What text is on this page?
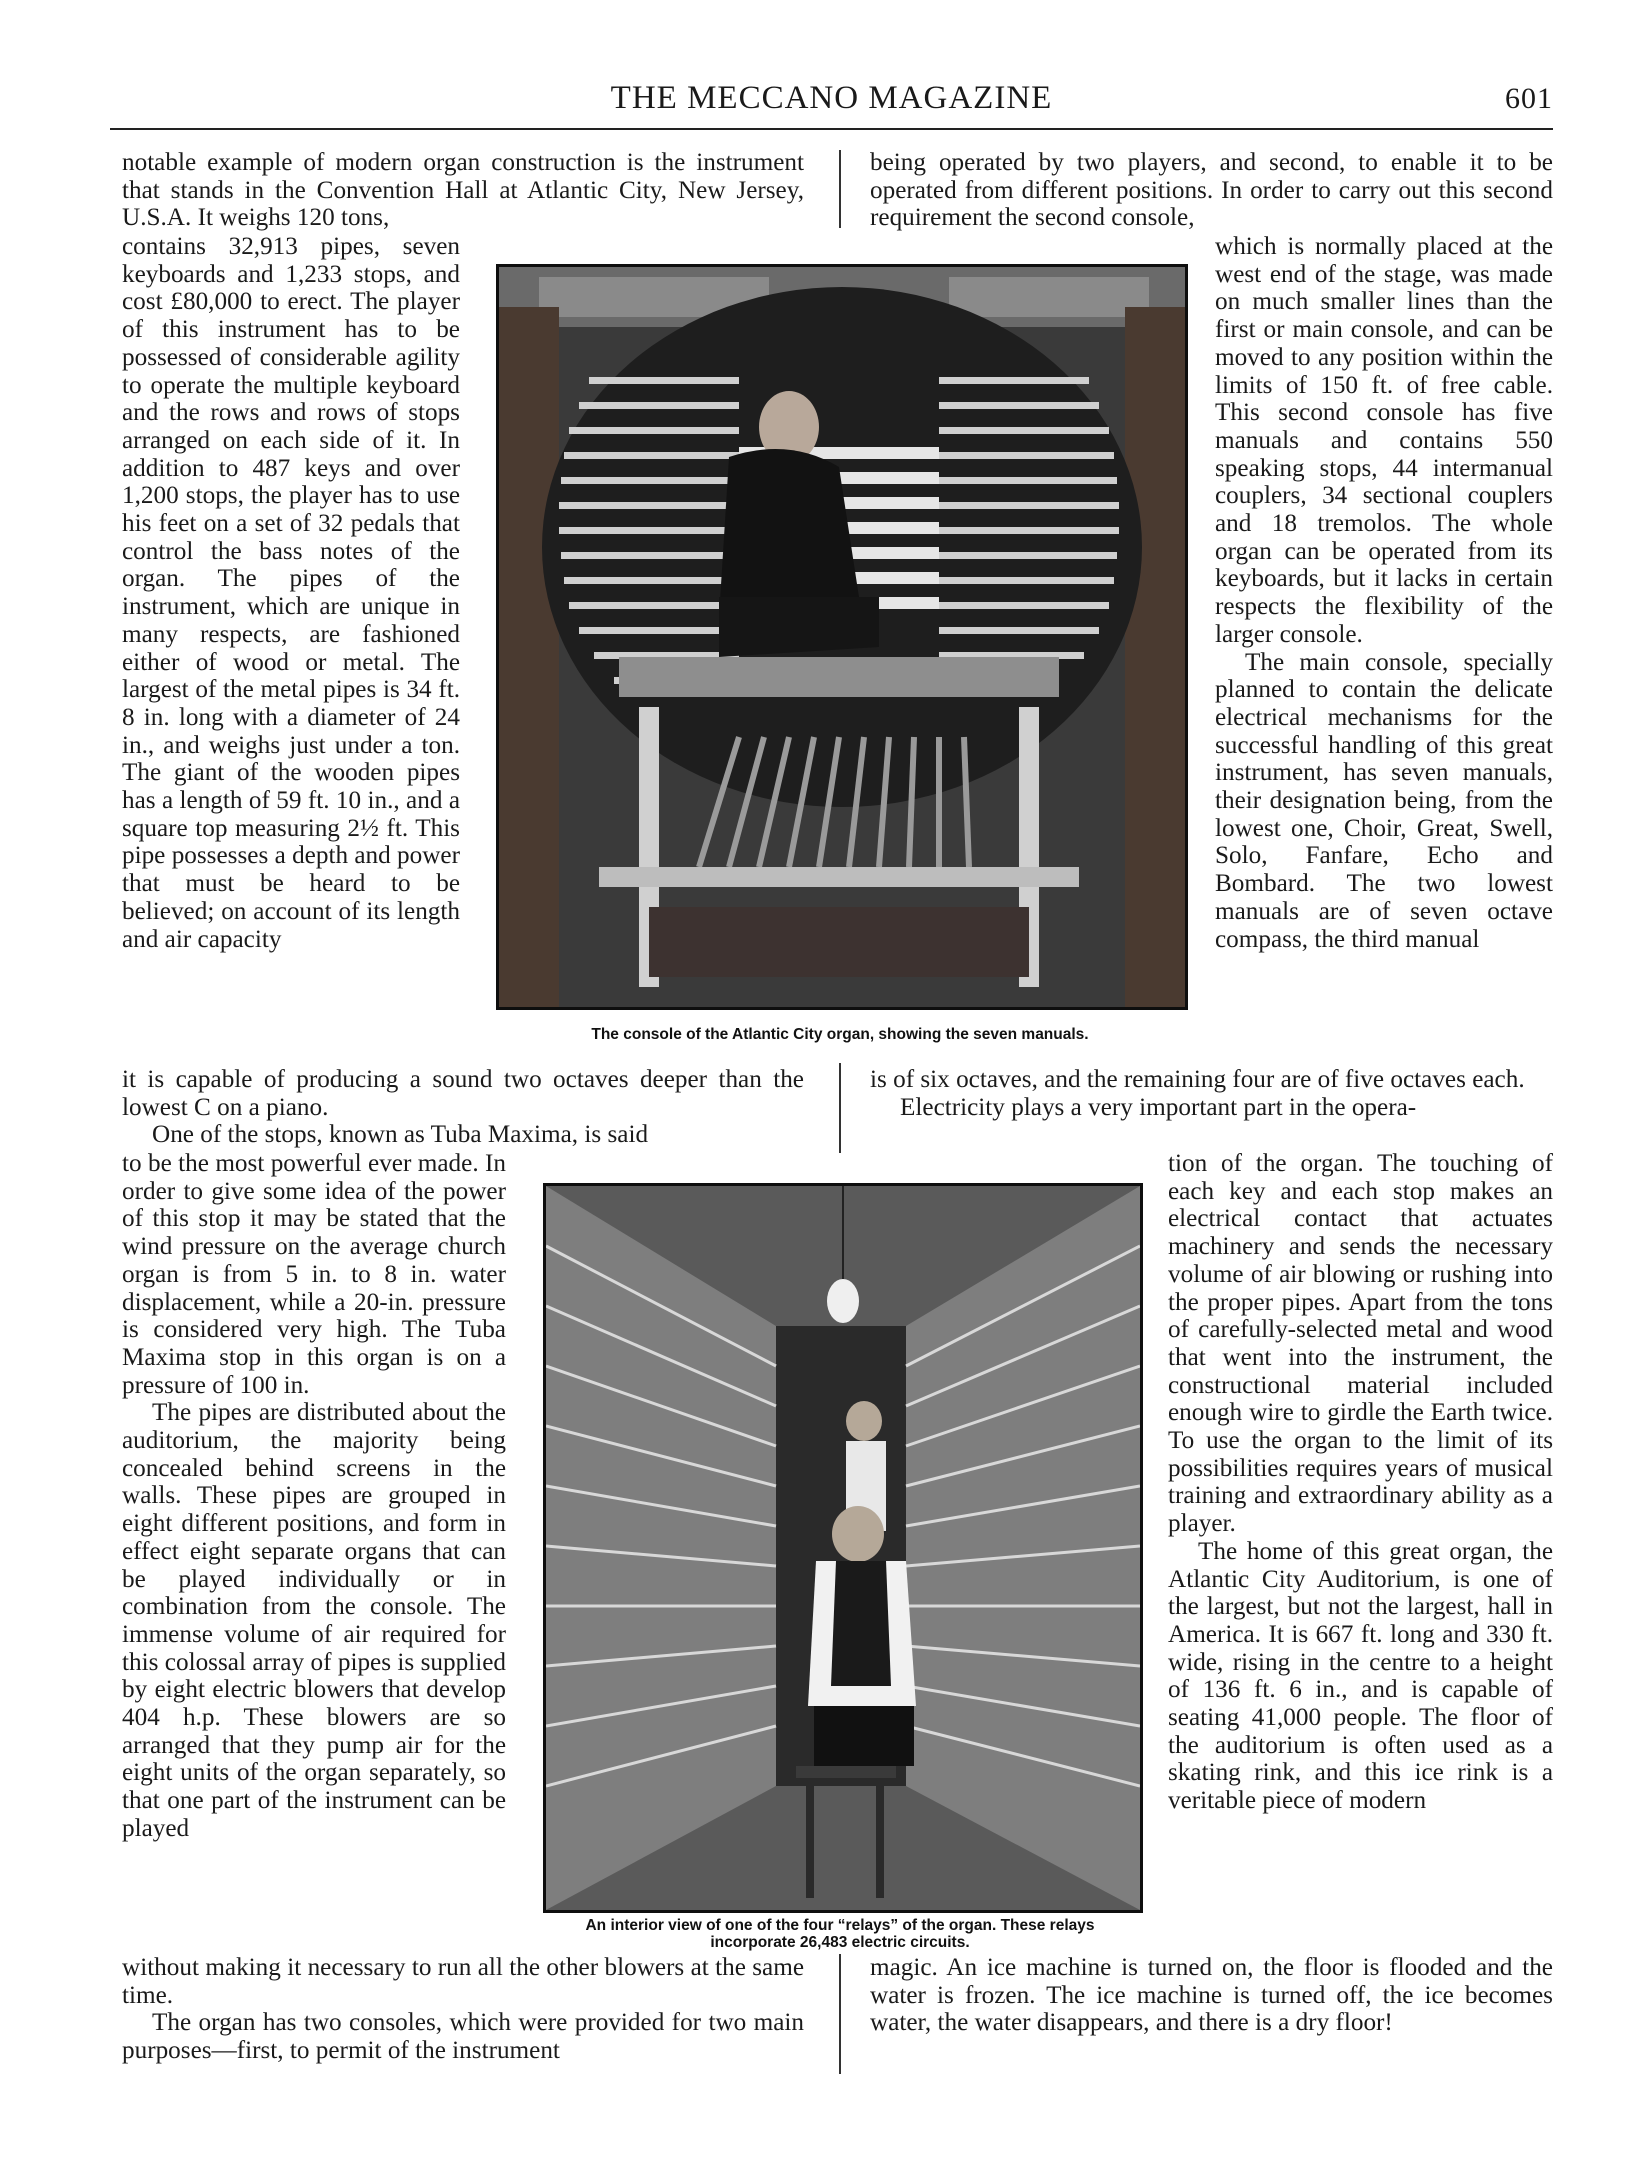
THE MECCANO MAGAZINE	601

notable example of modern organ construction is the instrument that stands in the Convention Hall at Atlantic City, New Jersey, U.S.A. It weighs 120 tons,

contains 32,913 pipes, seven keyboards and 1,233 stops, and cost £80,000 to erect. The player of this instrument has to be possessed of considerable agility to operate the multiple keyboard and the rows and rows of stops arranged on each side of it. In addition to 487 keys and over 1,200 stops, the player has to use his feet on a set of 32 pedals that control the bass notes of the organ. The pipes of the instrument, which are unique in many respects, are fashioned either of wood or metal. The largest of the metal pipes is 34 ft. 8 in. long with a diameter of 24 in., and weighs just under a ton. The giant of the wooden pipes has a length of 59 ft. 10 in., and a square top measuring 2½ ft. This pipe possesses a depth and power that must be heard to be believed; on account of its length and air capacity

it is capable of producing a sound two octaves deeper than the lowest C on a piano.

One of the stops, known as Tuba Maxima, is said

to be the most powerful ever made. In order to give some idea of the power of this stop it may be stated that the wind pressure on the average church organ is from 5 in. to 8 in. water displacement, while a 20-in. pressure is considered very high. The Tuba Maxima stop in this organ is on a pressure of 100 in.

The pipes are distributed about the auditorium, the majority being concealed behind screens in the walls. These pipes are grouped in eight different positions, and form in effect eight separate organs that can be played individually or in combination from the console. The immense volume of air required for this colossal array of pipes is supplied by eight electric blowers that develop 404 h.p. These blowers are so arranged that they pump air for the eight units of the organ separately, so that one part of the instrument can be played

without making it necessary to run all the other blowers at the same time.

The organ has two consoles, which were provided for two main purposes—first, to permit of the instrument

being operated by two players, and second, to enable it to be operated from different positions. In order to carry out this second requirement the second console,

which is normally placed at the west end of the stage, was made on much smaller lines than the first or main console, and can be moved to any position within the limits of 150 ft. of free cable. This second console has five manuals and contains 550 speaking stops, 44 intermanual couplers, 34 sectional couplers and 18 tremolos. The whole organ can be operated from its keyboards, but it lacks in certain respects the flexibility of the larger console.

The main console, specially planned to contain the delicate electrical mechanisms for the successful handling of this great instrument, has seven manuals, their designation being, from the lowest one, Choir, Great, Swell, Solo, Fanfare, Echo and Bombard. The two lowest manuals are of seven octave compass, the third manual

is of six octaves, and the remaining four are of five octaves each.

Electricity plays a very important part in the opera-

tion of the organ. The touching of each key and each stop makes an electrical contact that actuates machinery and sends the necessary volume of air blowing or rushing into the proper pipes. Apart from the tons of carefully-selected metal and wood that went into the instrument, the constructional material included enough wire to girdle the Earth twice. To use the organ to the limit of its possibilities requires years of musical training and extraordinary ability as a player.

The home of this great organ, the Atlantic City Auditorium, is one of the largest, but not the largest, hall in America. It is 667 ft. long and 330 ft. wide, rising in the centre to a height of 136 ft. 6 in., and is capable of seating 41,000 people. The floor of the auditorium is often used as a skating rink, and this ice rink is a veritable piece of modern

magic. An ice machine is turned on, the floor is flooded and the water is frozen. The ice machine is turned off, the ice becomes water, the water disappears, and there is a dry floor!

The console of the Atlantic City organ, showing the seven manuals.
An interior view of one of the four “relays” of the organ. These relays
incorporate 26,483 electric circuits.
